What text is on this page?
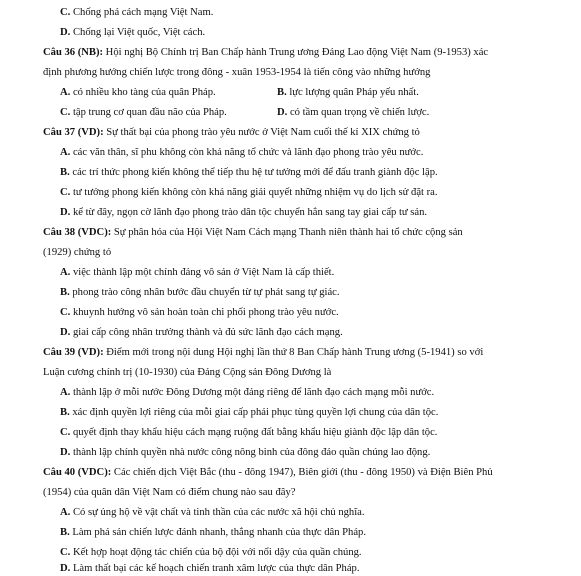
C. Chống phá cách mạng Việt Nam.
D. Chống lại Việt quốc, Việt cách.
Câu 36 (NB): Hội nghị Bộ Chính trị Ban Chấp hành Trung ương Đảng Lao động Việt Nam (9-1953) xác
định phương hướng chiến lược trong đông - xuân 1953-1954 là tiến công vào những hướng
A. có nhiều kho tàng của quân Pháp.	B. lực lượng quân Pháp yếu nhất.
C. tập trung cơ quan đầu não của Pháp.	D. có tầm quan trọng về chiến lược.
Câu 37 (VD): Sự thất bại của phong trào yêu nước ở Việt Nam cuối thế kỉ XIX chứng tỏ
A. các văn thân, sĩ phu không còn khả năng tổ chức và lãnh đạo phong trào yêu nước.
B. các trí thức phong kiến không thể tiếp thu hệ tư tưởng mới để đấu tranh giành độc lập.
C. tư tưởng phong kiến không còn khả năng giải quyết những nhiệm vụ do lịch sử đặt ra.
D. kể từ đây, ngọn cờ lãnh đạo phong trào dân tộc chuyển hẳn sang tay giai cấp tư sản.
Câu 38 (VDC): Sự phân hóa của Hội Việt Nam Cách mạng Thanh niên thành hai tổ chức cộng sản
(1929) chứng tỏ
A. việc thành lập một chính đảng vô sản ở Việt Nam là cấp thiết.
B. phong trào công nhân bước đầu chuyển từ tự phát sang tự giác.
C. khuynh hướng vô sản hoàn toàn chi phối phong trào yêu nước.
D. giai cấp công nhân trưởng thành và đủ sức lãnh đạo cách mạng.
Câu 39 (VD): Điểm mới trong nội dung Hội nghị lần thứ 8 Ban Chấp hành Trung ương (5-1941) so với
Luận cương chính trị (10-1930) của Đảng Cộng sản Đông Dương là
A. thành lập ở mỗi nước Đông Dương một đảng riêng để lãnh đạo cách mạng mỗi nước.
B. xác định quyền lợi riêng của mỗi giai cấp phải phục tùng quyền lợi chung của dân tộc.
C. quyết định thay khẩu hiệu cách mạng ruộng đất bằng khẩu hiệu giành độc lập dân tộc.
D. thành lập chính quyền nhà nước công nông binh của đông đảo quần chúng lao động.
Câu 40 (VDC): Các chiến dịch Việt Bắc (thu - đông 1947), Biên giới (thu - đông 1950) và Điện Biên Phủ
(1954) của quân dân Việt Nam có điểm chung nào sau đây?
A. Có sự ủng hộ về vật chất và tinh thần của các nước xã hội chủ nghĩa.
B. Làm phá sản chiến lược đánh nhanh, thắng nhanh của thực dân Pháp.
C. Kết hợp hoạt động tác chiến của bộ đội với nổi dậy của quần chúng.
D. Làm thất bại các kế hoạch chiến tranh xâm lược của thực dân Pháp.
